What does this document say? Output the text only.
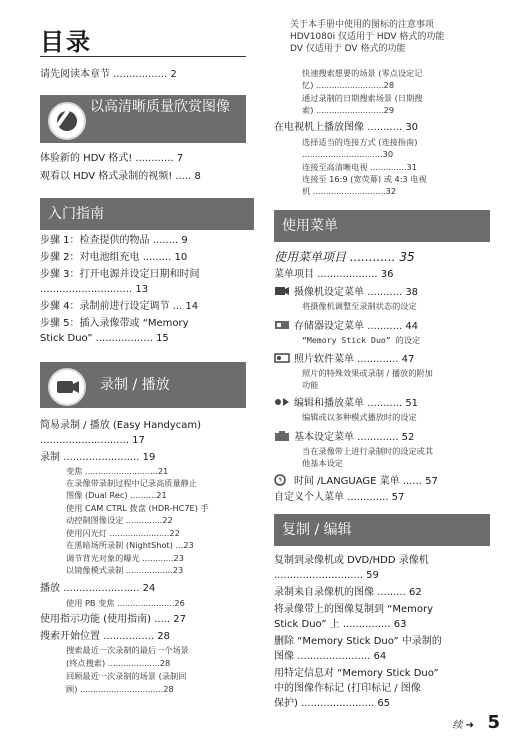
目录
请先阅读本章节 ................. 2
以高清晰质量欣赏图像
体验新的 HDV 格式! ............ 7
观看以 HDV 格式录制的视频! ..... 8
入门指南
步骤 1：检查提供的物品 ........ 9
步骤 2：对电池组充电 ......... 10
步骤 3：打开电源并设定日期和时间
............................. 13
步骤 4：录制前进行设定调节 ... 14
步骤 5：插入录像带或 “Memory
Stick Duo” .................. 15
录制 / 播放
简易录制 / 播放 (Easy Handycam)
............................ 17
录制 ........................ 19
变焦 ............................21
在录像带录制过程中记录高质量静止
图像 (Dual Rec) ..........21
使用 CAM CTRL 拨盘 (HDR-HC7E) 手
动控制图像设定 ..............22
使用闪光灯 .......................22
在黑暗场所录制 (NightShot) ...23
调节背光对象的曝光 ............23
以镜像模式录制 ..................23
播放 ........................ 24
使用 PB 变焦 ......................26
使用指示功能 (使用指南) ..... 27
搜索开始位置 ................ 28
搜索最近一次录制的最后一个场景
(终点搜索) ....................28
回顾最近一次录制的场景 (录制回
顾) ................................28
关于本手册中使用的图标的注意事项
HDV1080i 仅适用于 HDV 格式的功能
DV 仅适用于 DV 格式的功能
快速搜索想要的场景 (零点设定记
忆) ..........................28
通过录制的日期搜索场景 (日期搜
索) ..........................29
在电视机上播放图像 ........... 30
选择适当的连接方式 (连接指南)
...............................30
连接至高清晰电视 ..............31
连接至 16:9 (宽荧幕) 或 4:3 电视
机 ............................32
使用菜单
使用菜单项目 ............ 35
菜单项目 ................... 36
摄像机设定菜单 ........... 38
将摄像机调整至录制状态的设定
存储器设定菜单 ........... 44
“Memory Stick Duo” 的设定
照片软件菜单 ............. 47
照片的特殊效果或录制 / 播放的附加
功能
编辑和播放菜单 ........... 51
编辑或以多种模式播放时的设定
基本设定菜单 ............. 52
当在录像带上进行录制时的设定或其
他基本设定
时间 /LANGUAGE 菜单 ...... 57
自定义个人菜单 ............. 57
复制 / 编辑
复制到录像机或 DVD/HDD 录像机
............................ 59
录制来自录像机的图像 ......... 62
将录像带上的图像复制到 “Memory
Stick Duo” 上 ............... 63
删除 “Memory Stick Duo” 中录制的
图像 ....................... 64
用特定信息对 “Memory Stick Duo”
中的图像作标记 (打印标记 / 图像
保护) ....................... 65
续 ➜ 5
